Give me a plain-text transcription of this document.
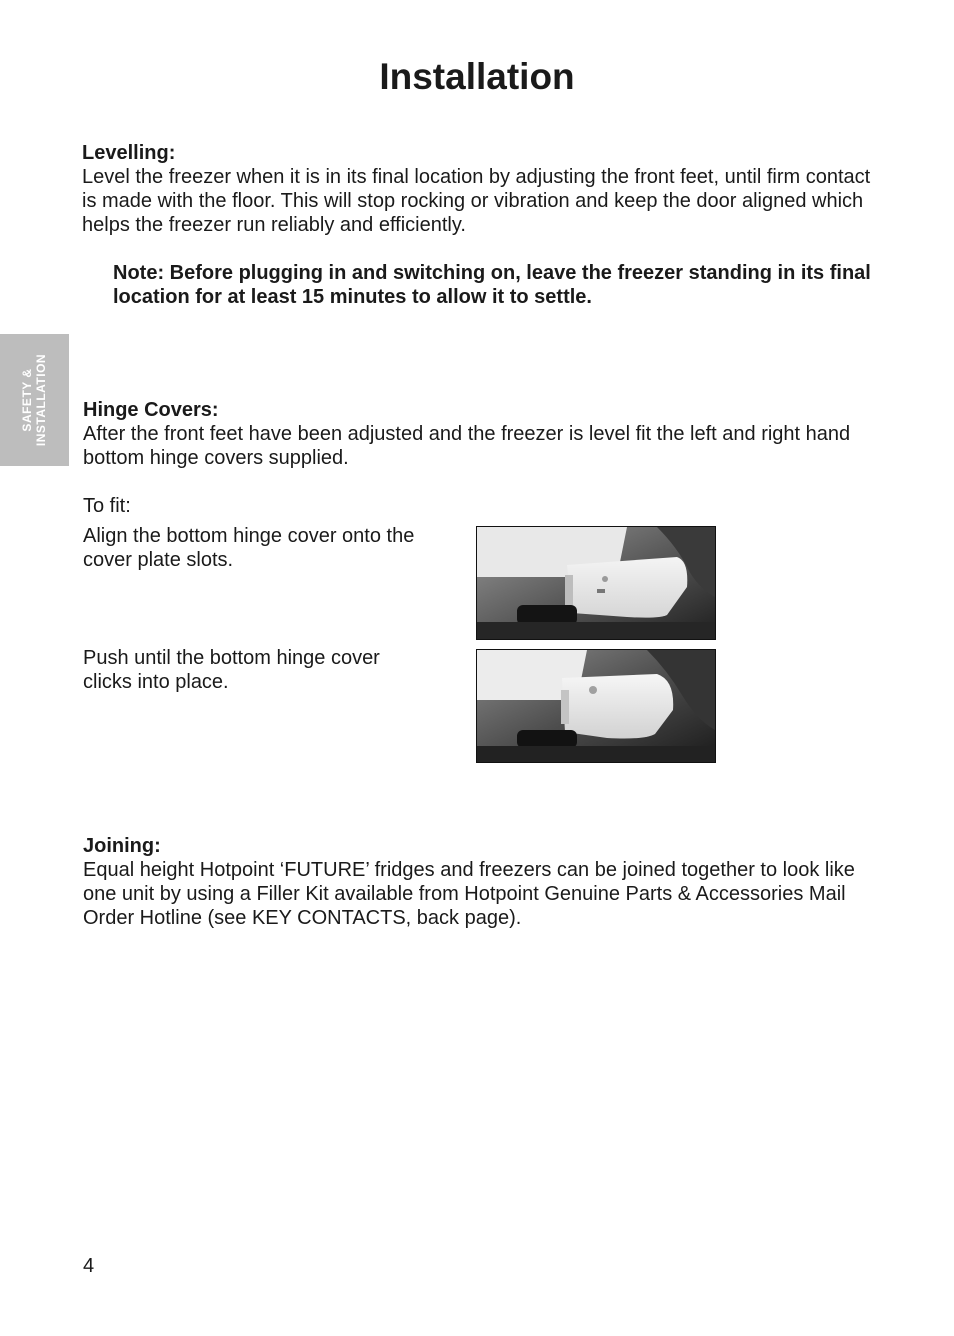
Installation
Levelling:
Level the freezer when it is in its final location by adjusting the front feet, until firm contact is made with the floor. This will stop rocking or vibration and keep the door aligned which helps the freezer run reliably and efficiently.
Note: Before plugging in and switching on, leave the freezer standing in its final location for at least 15 minutes to allow it to settle.
SAFETY &
INSTALLATION Hinge Covers:
After the front feet have been adjusted and the freezer is level fit the left and right hand bottom hinge covers supplied.
To fit:
Align the bottom hinge cover onto the cover plate slots.
Push until the bottom hinge cover clicks into place.
Joining:
Equal height Hotpoint ‘FUTURE’ fridges and freezers can be joined together to look like one unit by using a Filler Kit available from Hotpoint Genuine Parts & Accessories Mail Order Hotline (see KEY CONTACTS, back page).
4
